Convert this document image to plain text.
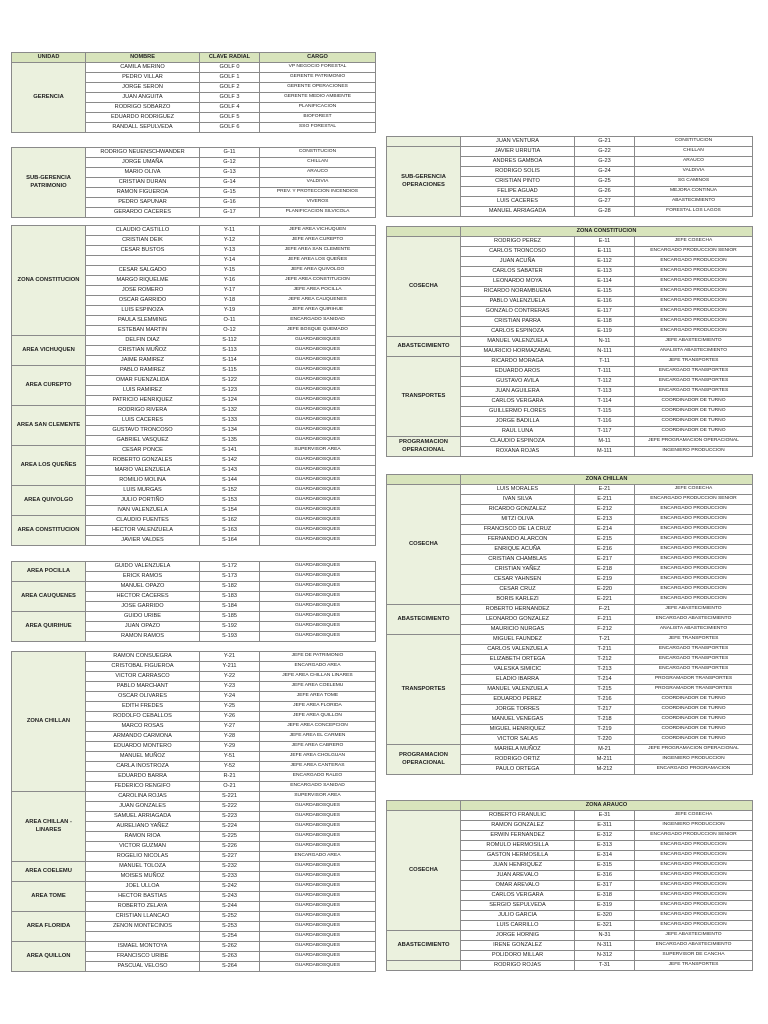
UNIDAD	NOMBRE	CLAVE RADIAL	CARGO
GERENCIA	CAMILA MERINO	GOLF 0	VP NEGOCIO FORESTAL
	PEDRO VILLAR	GOLF 1	GERENTE PATRIMONIO
	JORGE SERON	GOLF 2	GERENTE OPERACIONES
	JUAN ANGUITA	GOLF 3	GERENTE MEDIO AMBIENTE
	RODRIGO SOBARZO	GOLF 4	PLANIFICACION
	EDUARDO RODRIGUEZ	GOLF 5	BIOFOREST
	RANDALL SEPULVEDA	GOLF 6	SSO FORESTAL
SUB-GERENCIA PATRIMONIO	RODRIGO NEUENSCHWANDER	G-11	CONSTITUCION
	JORGE UMAÑA	G-12	CHILLAN
	MARIO OLIVA	G-13	ARAUCO
	CRISTIAN DURAN	G-14	VALDIVIA
	RAMON FIGUEROA	G-15	PREV. Y PROTECCION INCENDIOS
	PEDRO SAPUNAR	G-16	VIVEROS
	GERARDO CACERES	G-17	PLANIFICACION SILVICOLA
ZONA CONSTITUCION	CLAUDIO CASTILLO	Y-11	JEFE AREA VICHUQUEN
	CRISTIAN DEIK	Y-12	JEFE AREA CUREPTO
	CESAR BUSTOS	Y-13	JEFE AREA SAN CLEMENTE
		Y-14	JEFE AREA LOS QUEÑES
	CESAR SALGADO	Y-15	JEFE AREA QUIVOLGO
	MARGO RIQUELME	Y-16	JEFE AREA CONSTITUCION
	JOSE ROMERO	Y-17	JEFE AREA POCILLA
	OSCAR GARRIDO	Y-18	JEFE AREA CAUQUENES
	LUIS ESPINOZA	Y-19	JEFE AREA QUIRIHUE
	PAULA SLEMMING	O-11	ENCARGADO SANIDAD
	ESTEBAN MARTIN	O-12	JEFE BOSQUE QUEMADO
AREA VICHUQUEN	DELFIN DIAZ	S-112	GUARDABOSQUES
	CRISTIAN MUÑOZ	S-113	GUARDABOSQUES
	JAIME RAMIREZ	S-114	GUARDABOSQUES
AREA CUREPTO	PABLO RAMIREZ	S-115	GUARDABOSQUES
	OMAR FUENZALIDA	S-122	GUARDABOSQUES
	LUIS RAMIREZ	S-123	GUARDABOSQUES
	PATRICIO HENRIQUEZ	S-124	GUARDABOSQUES
AREA SAN CLEMENTE	RODRIGO RIVERA	S-132	GUARDABOSQUES
	LUIS CACERES	S-133	GUARDABOSQUES
	GUSTAVO TRONCOSO	S-134	GUARDABOSQUES
	GABRIEL VASQUEZ	S-135	GUARDABOSQUES
AREA LOS QUEÑES	CESAR PONCE	S-141	SUPERVISOR AREA
	ROBERTO GONZALES	S-142	GUARDABOSQUES
	MARIO VALENZUELA	S-143	GUARDABOSQUES
	ROMILIO MOLINA	S-144	GUARDABOSQUES
AREA QUIVOLGO	LUIS MURGAS	S-152	GUARDABOSQUES
	JULIO PORTIÑO	S-153	GUARDABOSQUES
	IVAN VALENZUELA	S-154	GUARDABOSQUES
AREA CONSTITUCION	CLAUDIO FUENTES	S-162	GUARDABOSQUES
	HECTOR VALENZUELA	S-163	GUARDABOSQUES
	JAVIER VALDES	S-164	GUARDABOSQUES
AREA POCILLA	GUIDO VALENZUELA	S-172	GUARDABOSQUES
	ERICK RAMOS	S-173	GUARDABOSQUES
AREA CAUQUENES	MANUEL OPAZO	S-182	GUARDABOSQUES
	HECTOR CACERES	S-183	GUARDABOSQUES
	JOSE GARRIDO	S-184	GUARDABOSQUES
AREA QUIRIHUE	GUIDO URIBE	S-185	GUARDABOSQUES
	JUAN OPAZO	S-192	GUARDABOSQUES
	RAMON RAMOS	S-193	GUARDABOSQUES
ZONA CHILLAN	RAMON CONSUEGRA	Y-21	JEFE DE PATRIMONIO
	CRISTOBAL FIGUEROA	Y-211	ENCARGADO AREA
	VICTOR CARRASCO	Y-22	JEFE AREA CHILLAN LINARES
	PABLO MARCHANT	Y-23	JEFE AREA COELEMU
	OSCAR OLIVARES	Y-24	JEFE AREA TOME
	EDITH FREDES	Y-25	JEFE AREA FLORIDA
	RODOLFO CEBALLOS	Y-26	JEFE AREA QUILLON
	MARCO ROSAS	Y-27	JEFE AREA CONCEPCION
	ARMANDO CARMONA	Y-28	JEFE AREA EL CARMEN
	EDUARDO MONTERO	Y-29	JEFE AREA CABRERO
	MANUEL MUÑOZ	Y-51	JEFE AREA CHOLGUAN
	CARLA INOSTROZA	Y-52	JEFE AREA CANTERAS
	EDUARDO BARRA	R-21	ENCARGADO RALEO
	FEDERICO RENGIFO	O-21	ENCARGADO SANIDAD
AREA CHILLAN - LINARES	CAROLINA ROJAS	S-221	SUPERVISOR AREA
	JUAN GONZALES	S-222	GUARDABOSQUES
	SAMUEL ARRIAGADA	S-223	GUARDABOSQUES
	AURELIANO YAÑEZ	S-224	GUARDABOSQUES
	RAMON RIOA	S-225	GUARDABOSQUES
	VICTOR GUZMAN	S-226	GUARDABOSQUES
	ROGELIO NICOLAS	S-227	ENCARGADO AREA
AREA COELEMU	MANUEL TOLOZA	S-232	GUARDABOSQUES
	MOISES MUÑOZ	S-233	GUARDABOSQUES
AREA TOME	JOEL ULLOA	S-242	GUARDABOSQUES
	HECTOR BASTIAS	S-243	GUARDABOSQUES
	ROBERTO ZELAYA	S-244	GUARDABOSQUES
AREA FLORIDA	CRISTIAN LLANCAO	S-252	GUARDABOSQUES
	ZENON MONTECINOS	S-253	GUARDABOSQUES
		S-254	GUARDABOSQUES
AREA QUILLON	ISMAEL MONTOYA	S-262	GUARDABOSQUES
	FRANCISCO URIBE	S-263	GUARDABOSQUES
	PASCUAL VELOSO	S-264	GUARDABOSQUES
	JUAN VENTURA	G-21	CONSTITUCION
SUB-GERENCIA OPERACIONES	JAVIER URRUTIA	G-22	CHILLAN
	ANDRES GAMBOA	G-23	ARAUCO
	RODRIGO SOLIS	G-24	VALDIVIA
	CRISTIAN PINTO	G-25	SG CAMINOS
	FELIPE AGUAD	G-26	MEJORA CONTINUA
	LUIS CACERES	G-27	ABASTECIMIENTO
	MANUEL ARRIAGADA	G-28	FORESTAL LOS LAGOS
	ZONA CONSTITUCION		
COSECHA	RODRIGO PEREZ	E-11	JEFE COSECHA
	CARLOS TRONCOSO	E-111	ENCARGADO PRODUCCION SENIOR
	JUAN ACUÑA	E-112	ENCARGADO PRODUCCION
	CARLOS SABATER	E-113	ENCARGADO PRODUCCION
	LEONARDO MOYA	E-114	ENCARGADO PRODUCCION
	RICARDO NORAMBUENA	E-115	ENCARGADO PRODUCCION
	PABLO VALENZUELA	E-116	ENCARGADO PRODUCCION
	GONZALO CONTRERAS	E-117	ENCARGADO PRODUCCION
	CRISTIAN PARRA	E-118	ENCARGADO PRODUCCION
	CARLOS ESPINOZA	E-119	ENCARGADO PRODUCCION
ABASTECIMIENTO	MANUEL VALENZUELA	N-11	JEFE ABASTECIMIENTO
	MAURICIO HORMAZABAL	N-111	ANALISTA ABASTECIMIENTO
TRANSPORTES	RICARDO MORAGA	T-11	JEFE TRANSPORTES
	EDUARDO AROS	T-111	ENCARGADO TRANSPORTES
	GUSTAVO AVILA	T-112	ENCARGADO TRANSPORTES
	JUAN AGUILERA	T-113	ENCARGADO TRANSPORTES
	CARLOS VERGARA	T-114	COORDINADOR DE TURNO
	GUILLERMO FLORES	T-115	COORDINADOR DE TURNO
	JORGE BADILLA	T-116	COORDINADOR DE TURNO
	RAUL LUNA	T-117	COORDINADOR DE TURNO
PROGRAMACION OPERACIONAL	CLAUDIO ESPINOZA	M-11	JEFE PROGRAMACION OPERACIONAL
	ROXANA ROJAS	M-111	INGENIERO PRODUCCION
	ZONA CHILLAN		
COSECHA	LUIS MORALES	E-21	JEFE COSECHA
	IVAN SILVA	E-211	ENCARGADO PRODUCCION SENIOR
	RICARDO GONZALEZ	E-212	ENCARGADO PRODUCCION
	MITZI OLIVA	E-213	ENCARGADO PRODUCCION
	FRANCISCO DE LA CRUZ	E-214	ENCARGADO PRODUCCION
	FERNANDO ALARCON	E-215	ENCARGADO PRODUCCION
	ENRIQUE ACUÑA	E-216	ENCARGADO PRODUCCION
	CRISTIAN CHAMBLAS	E-217	ENCARGADO PRODUCCION
	CRISTIAN YAÑEZ	E-218	ENCARGADO PRODUCCION
	CESAR YAHNSEN	E-219	ENCARGADO PRODUCCION
	CESAR CRUZ	E-220	ENCARGADO PRODUCCION
	BORIS KARLEZI	E-221	ENCARGADO PRODUCCION
ABASTECIMIENTO	ROBERTO HERNANDEZ	F-21	JEFE ABASTECIMIENTO
	LEONARDO GONZALEZ	F-211	ENCARGADO ABASTECIMIENTO
	MAURICIO NURGAS	F-212	ANALISTA ABASTECIMIENTO
TRANSPORTES	MIGUEL FAUNDEZ	T-21	JEFE TRANSPORTES
	CARLOS VALENZUELA	T-211	ENCARGADO TRANSPORTES
	ELIZABETH ORTEGA	T-212	ENCARGADO TRANSPORTES
	VALESKA SIMICIC	T-213	ENCARGADO TRANSPORTES
	ELADIO IBARRA	T-214	PROGRAMADOR TRANSPORTES
	MANUEL VALENZUELA	T-215	PROGRAMADOR TRANSPORTES
	EDUARDO PEREZ	T-216	COORDINADOR DE TURNO
	JORGE TORRES	T-217	COORDINADOR DE TURNO
	MANUEL VENEGAS	T-218	COORDINADOR DE TURNO
	MIGUEL HENRIQUEZ	T-219	COORDINADOR DE TURNO
	VICTOR SALAS	T-220	COORDINADOR DE TURNO
PROGRAMACION OPERACIONAL	MARIELA MUÑOZ	M-21	JEFE PROGRAMACION OPERACIONAL
	RODRIGO ORTIZ	M-211	INGENIERO PRODUCCION
	PAULO ORTEGA	M-212	ENCARGADO PROGRAMACION
	ZONA ARAUCO		
COSECHA	ROBERTO FRANULIC	E-31	JEFE COSECHA
	RAMON GONZALEZ	E-311	INGENIERO PRODUCCION
	ERWIN FERNANDEZ	E-312	ENCARGADO PRODUCCION SENIOR
	ROMULO HERMOSILLA	E-313	ENCARGADO PRODUCCION
	GASTON HERMOSILLA	E-314	ENCARGADO PRODUCCION
	JUAN HENRIQUEZ	E-315	ENCARGADO PRODUCCION
	JUAN AREVALO	E-316	ENCARGADO PRODUCCION
	OMAR AREVALO	E-317	ENCARGADO PRODUCCION
	CARLOS VERGARA	E-318	ENCARGADO PRODUCCION
	SERGIO SEPULVEDA	E-319	ENCARGADO PRODUCCION
	JULIO GARCIA	E-320	ENCARGADO PRODUCCION
	LUIS CARRILLO	E-321	ENCARGADO PRODUCCION
ABASTECIMIENTO	JORGE HORNIG	N-31	JEFE ABASTECIMIENTO
	IRENE GONZALEZ	N-311	ENCARGADO ABASTECIMIENTO
	POLIDORO MILLAR	N-312	SUPERVISOR DE CANCHA
	RODRIGO ROJAS	T-31	JEFE TRANSPORTES
